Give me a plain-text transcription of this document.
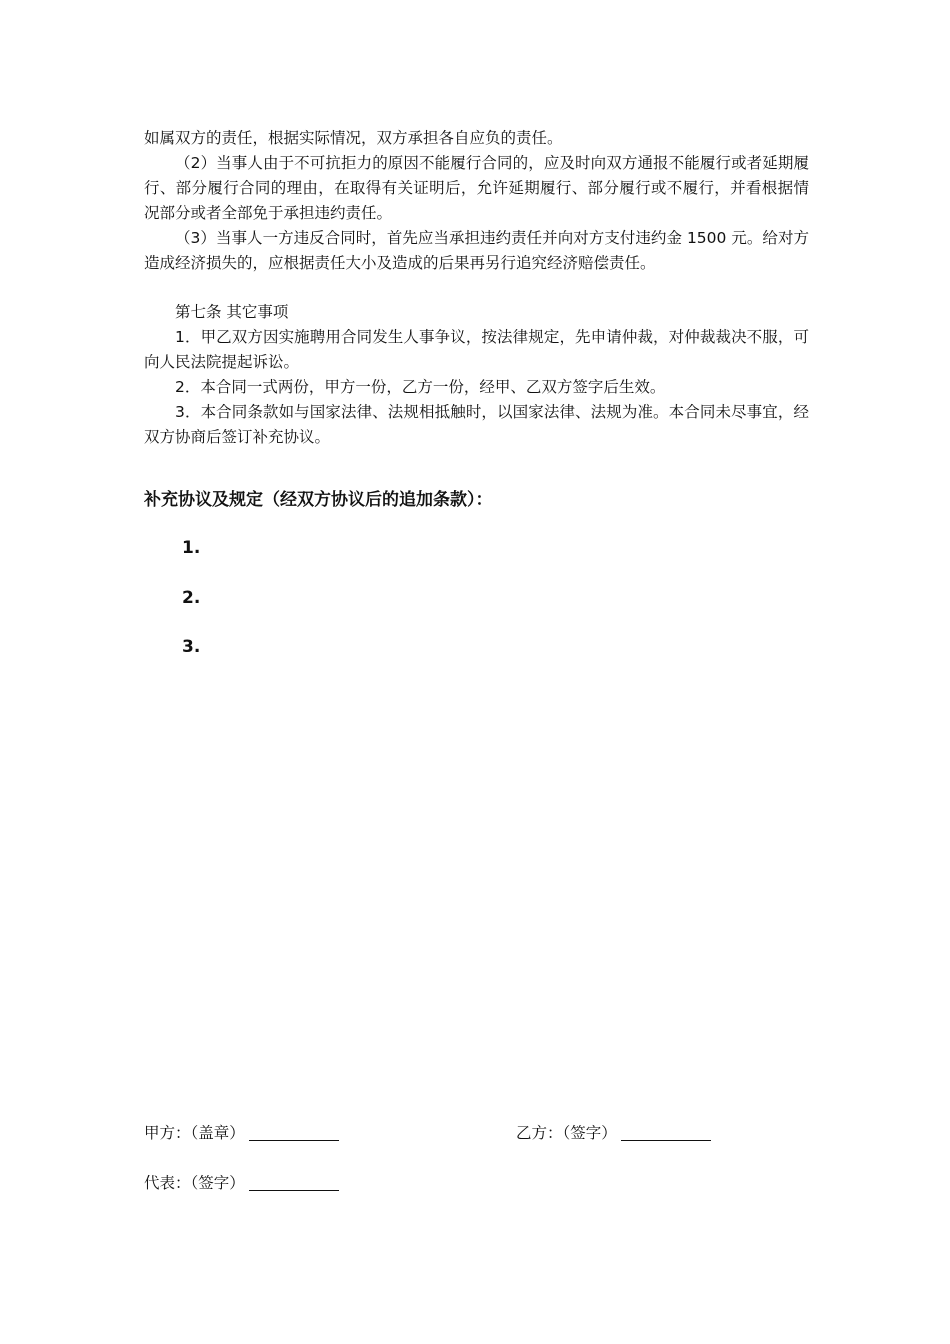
如属双方的责任，根据实际情况，双方承担各自应负的责任。

（2）当事人由于不可抗拒力的原因不能履行合同的，应及时向双方通报不能履行或者延期履行、部分履行合同的理由，在取得有关证明后，允许延期履行、部分履行或不履行，并看根据情况部分或者全部免于承担违约责任。

（3）当事人一方违反合同时，首先应当承担违约责任并向对方支付违约金 1500 元。给对方造成经济损失的，应根据责任大小及造成的后果再另行追究经济赔偿责任。

第七条 其它事项

1．甲乙双方因实施聘用合同发生人事争议，按法律规定，先申请仲裁，对仲裁裁决不服，可向人民法院提起诉讼。

2．本合同一式两份，甲方一份，乙方一份，经甲、乙双方签字后生效。

3．本合同条款如与国家法律、法规相抵触时，以国家法律、法规为准。本合同未尽事宜，经双方协商后签订补充协议。

补充协议及规定（经双方协议后的追加条款）：

1.
2.
3.
甲方：（盖章）	乙方：（签字）
代表：（签字）
